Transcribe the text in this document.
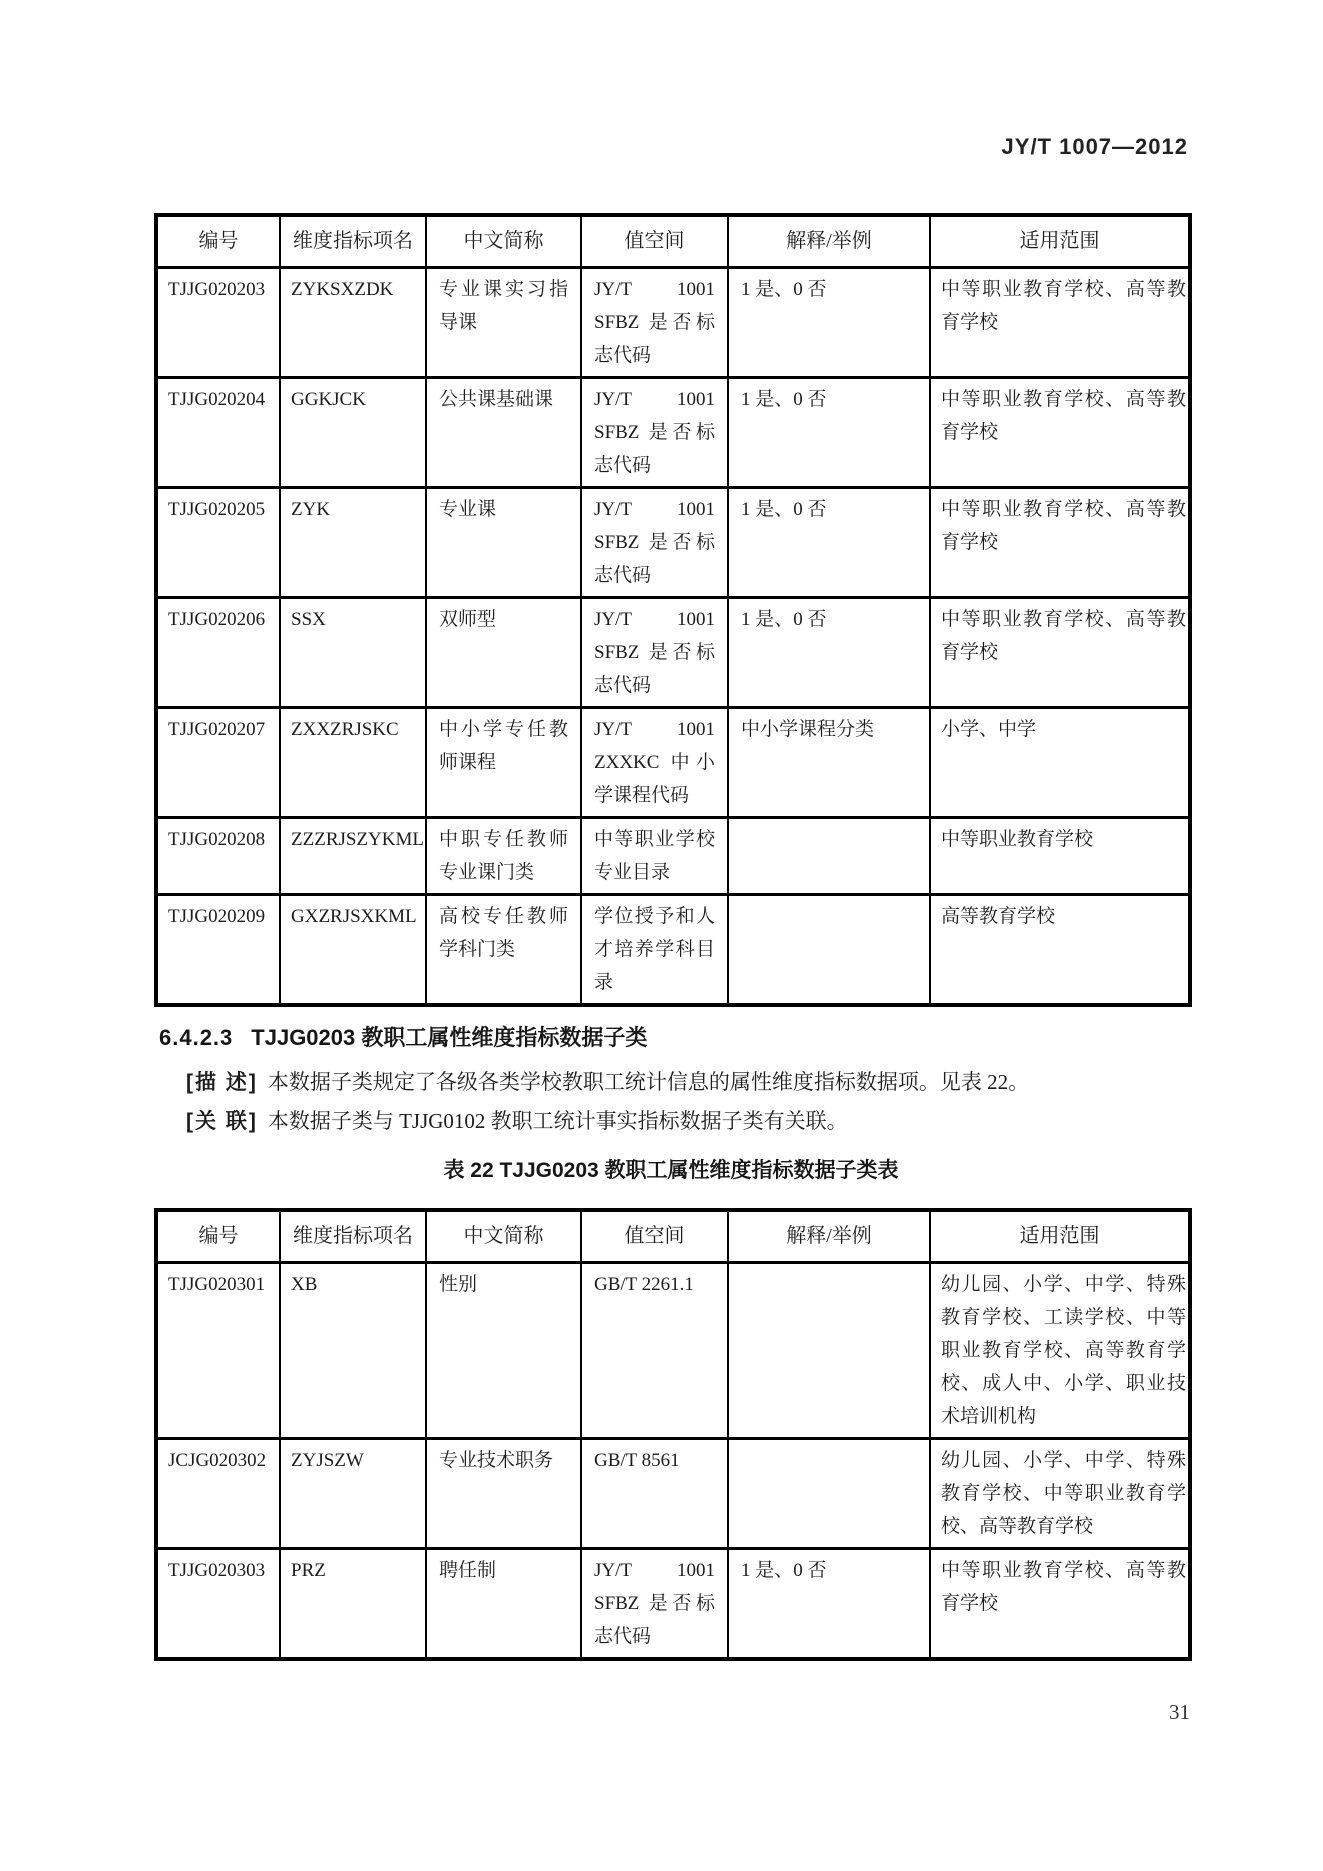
JY/T 1007—2012
编号	维度指标项名	中文简称	值空间	解释/举例	适用范围
TJJG020203	ZYKSXZDK	专业课实习指导课	JY/T 1001 SFBZ 是否标志代码	1 是、0 否	中等职业教育学校、高等教育学校
TJJG020204	GGKJCK	公共课基础课	JY/T 1001 SFBZ 是否标志代码	1 是、0 否	中等职业教育学校、高等教育学校
TJJG020205	ZYK	专业课	JY/T 1001 SFBZ 是否标志代码	1 是、0 否	中等职业教育学校、高等教育学校
TJJG020206	SSX	双师型	JY/T 1001 SFBZ 是否标志代码	1 是、0 否	中等职业教育学校、高等教育学校
TJJG020207	ZXXZRJSKC	中小学专任教师课程	JY/T 1001 ZXXKC 中小学课程代码	中小学课程分类	小学、中学
TJJG020208	ZZZRJSZYKML	中职专任教师专业课门类	中等职业学校专业目录		中等职业教育学校
TJJG020209	GXZRJSXKML	高校专任教师学科门类	学位授予和人才培养学科目录		高等教育学校
6.4.2.3 TJJG0203 教职工属性维度指标数据子类

[描 述] 本数据子类规定了各级各类学校教职工统计信息的属性维度指标数据项。见表 22。

[关 联] 本数据子类与 TJJG0102 教职工统计事实指标数据子类有关联。

表 22 TJJG0203 教职工属性维度指标数据子类表
编号	维度指标项名	中文简称	值空间	解释/举例	适用范围
TJJG020301	XB	性别	GB/T 2261.1		幼儿园、小学、中学、特殊教育学校、工读学校、中等职业教育学校、高等教育学校、成人中、小学、职业技术培训机构
JCJG020302	ZYJSZW	专业技术职务	GB/T 8561		幼儿园、小学、中学、特殊教育学校、中等职业教育学校、高等教育学校
TJJG020303	PRZ	聘任制	JY/T 1001 SFBZ 是否标志代码	1 是、0 否	中等职业教育学校、高等教育学校
31
